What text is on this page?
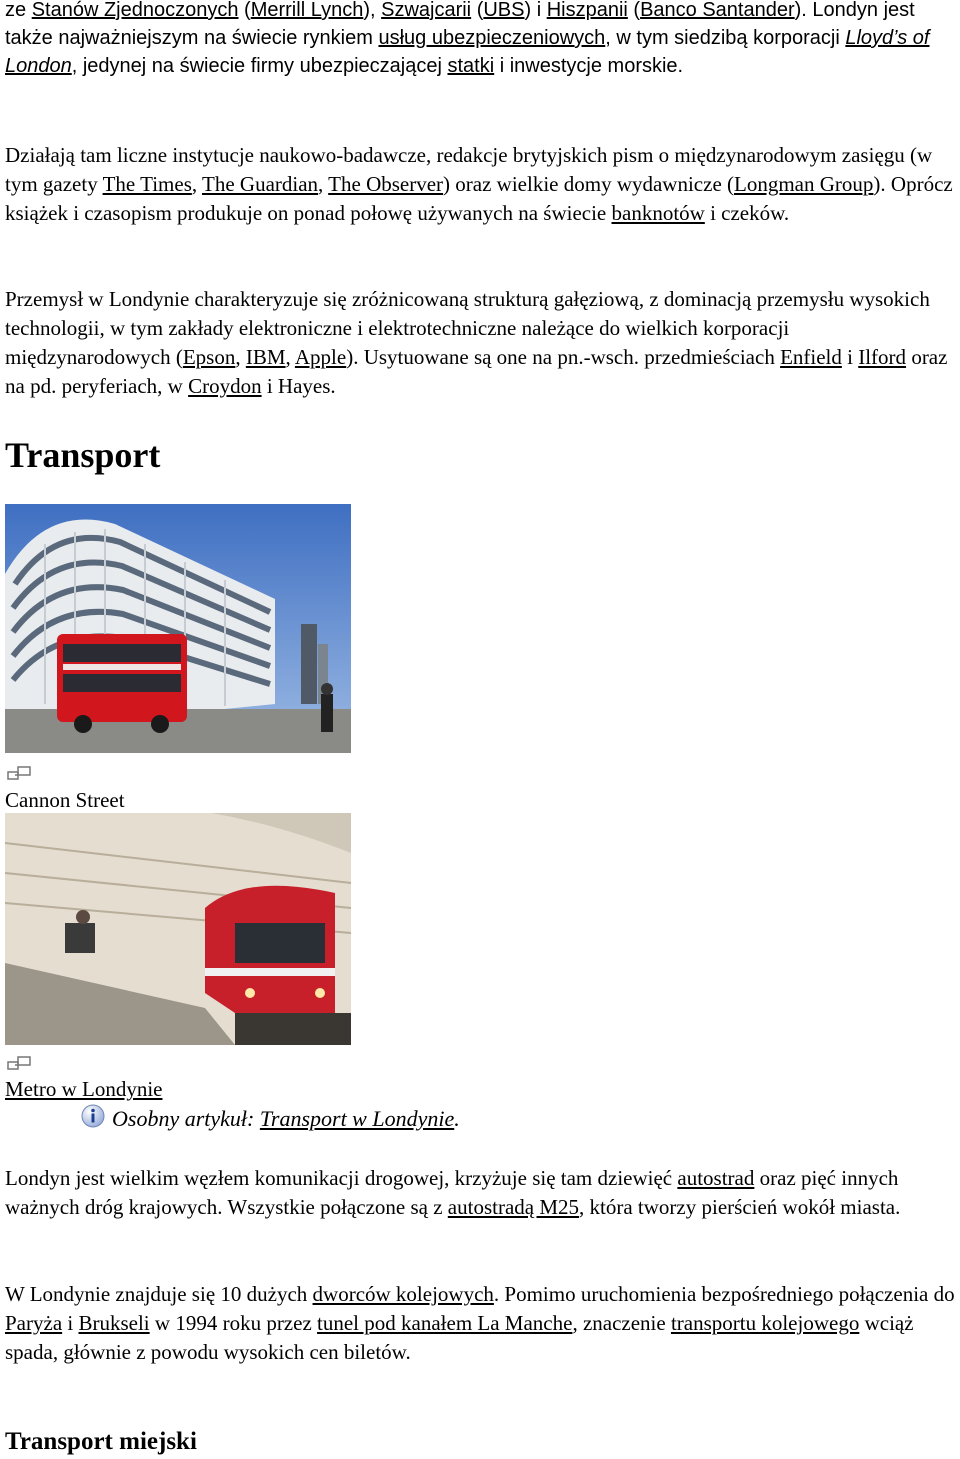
ze Stanów Zjednoczonych (Merrill Lynch), Szwajcarii (UBS) i Hiszpanii (Banco Santander). Londyn jest także najważniejszym na świecie rynkiem usług ubezpieczeniowych, w tym siedzibą korporacji Lloyd’s of London, jedynej na świecie firmy ubezpieczającej statki i inwestycje morskie.

Działają tam liczne instytucje naukowo-badawcze, redakcje brytyjskich pism o międzynarodowym zasięgu (w tym gazety The Times, The Guardian, The Observer) oraz wielkie domy wydawnicze (Longman Group). Oprócz książek i czasopism produkuje on ponad połowę używanych na świecie banknotów i czeków.

Przemysł w Londynie charakteryzuje się zróżnicowaną strukturą gałęziową, z dominacją przemysłu wysokich technologii, w tym zakłady elektroniczne i elektrotechniczne należące do wielkich korporacji międzynarodowych (Epson, IBM, Apple). Usytuowane są one na pn.-wsch. przedmieściach Enfield i Ilford oraz na pd. peryferiach, w Croydon i Hayes.

Transport
Cannon Street
Metro w Londynie
Osobny artykuł: Transport w Londynie.

Londyn jest wielkim węzłem komunikacji drogowej, krzyżuje się tam dziewięć autostrad oraz pięć innych ważnych dróg krajowych. Wszystkie połączone są z autostradą M25, która tworzy pierścień wokół miasta.

W Londynie znajduje się 10 dużych dworców kolejowych. Pomimo uruchomienia bezpośredniego połączenia do Paryża i Brukseli w 1994 roku przez tunel pod kanałem La Manche, znaczenie transportu kolejowego wciąż spada, głównie z powodu wysokich cen biletów.

Transport miejski
